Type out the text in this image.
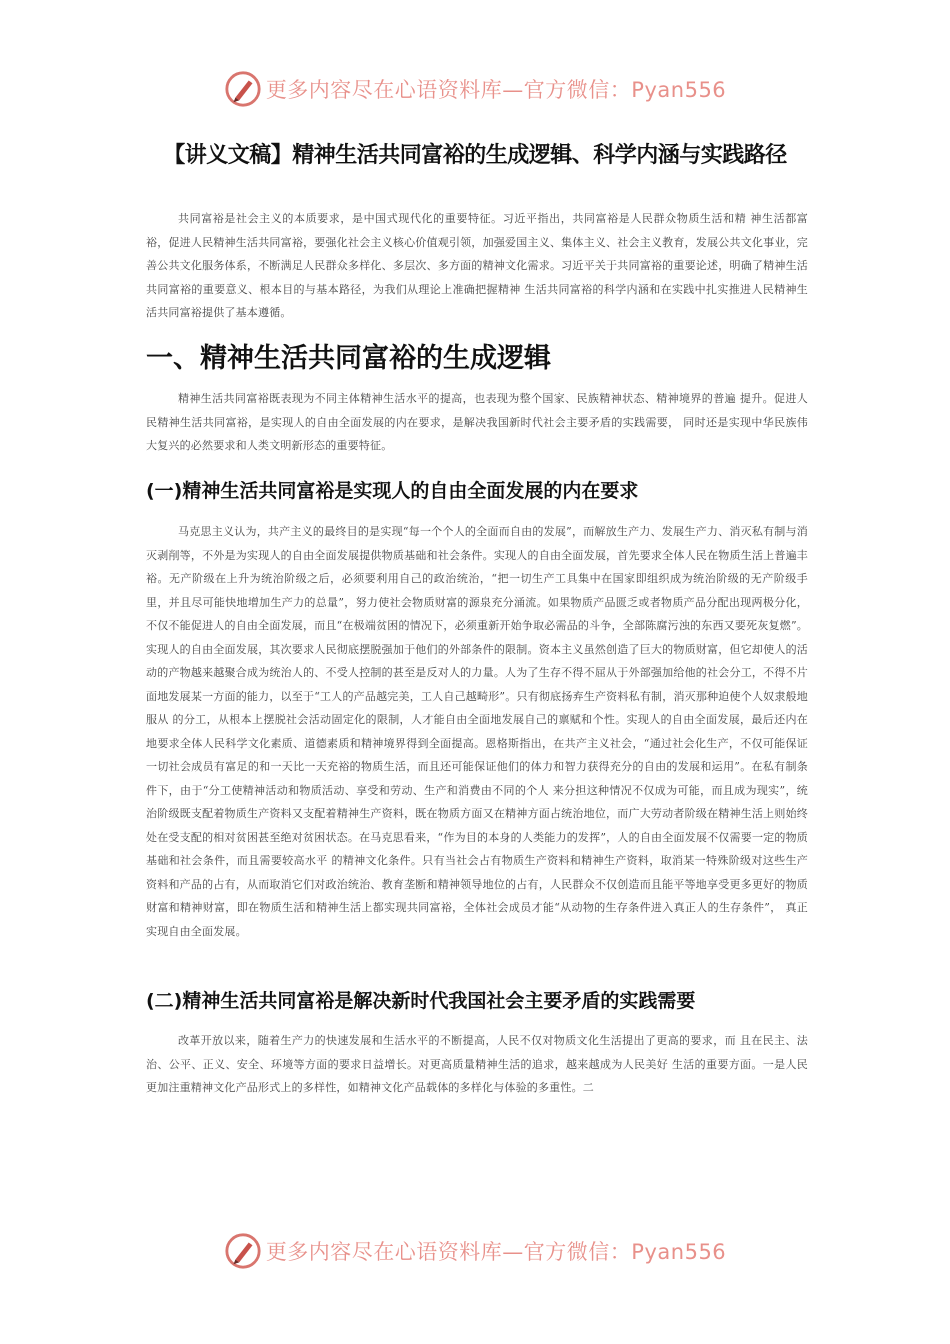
更多内容尽在心语资料库—官方微信：Pyan556
【讲义文稿】精神生活共同富裕的生成逻辑、科学内涵与实践路径
共同富裕是社会主义的本质要求，是中国式现代化的重要特征。习近平指出，共同富裕是人民群众物质生活和精 神生活都富裕，促进人民精神生活共同富裕，要强化社会主义核心价值观引领，加强爱国主义、集体主义、社会主义教育，发展公共文化事业，完善公共文化服务体系，不断满足人民群众多样化、多层次、多方面的精神文化需求。习近平关于共同富裕的重要论述，明确了精神生活共同富裕的重要意义、根本目的与基本路径，为我们从理论上准确把握精神 生活共同富裕的科学内涵和在实践中扎实推进人民精神生活共同富裕提供了基本遵循。
一、精神生活共同富裕的生成逻辑
精神生活共同富裕既表现为不同主体精神生活水平的提高，也表现为整个国家、民族精神状态、精神境界的普遍 提升。促进人民精神生活共同富裕，是实现人的自由全面发展的内在要求，是解决我国新时代社会主要矛盾的实践需要， 同时还是实现中华民族伟大复兴的必然要求和人类文明新形态的重要特征。
(一)精神生活共同富裕是实现人的自由全面发展的内在要求
马克思主义认为，共产主义的最终目的是实现“每一个个人的全面而自由的发展”，而解放生产力、发展生产力、消灭私有制与消灭剥削等，不外是为实现人的自由全面发展提供物质基础和社会条件。实现人的自由全面发展，首先要求全体人民在物质生活上普遍丰裕。无产阶级在上升为统治阶级之后，必须要利用自己的政治统治，“把一切生产工具集中在国家即组织成为统治阶级的无产阶级手里，并且尽可能快地增加生产力的总量”，努力使社会物质财富的源泉充分涌流。如果物质产品匮乏或者物质产品分配出现两极分化，不仅不能促进人的自由全面发展，而且“在极端贫困的情况下，必须重新开始争取必需品的斗争，全部陈腐污浊的东西又要死灰复燃”。实现人的自由全面发展，其次要求人民彻底摆脱强加于他们的外部条件的限制。资本主义虽然创造了巨大的物质财富，但它却使人的活动的产物越来越聚合成为统治人的、不受人控制的甚至是反对人的力量。人为了生存不得不屈从于外部强加给他的社会分工，不得不片面地发展某一方面的能力，以至于“工人的产品越完美，工人自己越畸形”。只有彻底扬弃生产资料私有制，消灭那种迫使个人奴隶般地服从 的分工，从根本上摆脱社会活动固定化的限制，人才能自由全面地发展自己的禀赋和个性。实现人的自由全面发展，最后还内在地要求全体人民科学文化素质、道德素质和精神境界得到全面提高。恩格斯指出，在共产主义社会，“通过社会化生产，不仅可能保证一切社会成员有富足的和一天比一天充裕的物质生活，而且还可能保证他们的体力和智力获得充分的自由的发展和运用”。在私有制条件下，由于“分工使精神活动和物质活动、享受和劳动、生产和消费由不同的个人 来分担这种情况不仅成为可能，而且成为现实”，统治阶级既支配着物质生产资料又支配着精神生产资料，既在物质方面又在精神方面占统治地位，而广大劳动者阶级在精神生活上则始终处在受支配的相对贫困甚至绝对贫困状态。在马克思看来，“作为目的本身的人类能力的发挥”，人的自由全面发展不仅需要一定的物质基础和社会条件，而且需要较高水平 的精神文化条件。只有当社会占有物质生产资料和精神生产资料，取消某一特殊阶级对这些生产资料和产品的占有，从而取消它们对政治统治、教育垄断和精神领导地位的占有，人民群众不仅创造而且能平等地享受更多更好的物质财富和精神财富，即在物质生活和精神生活上都实现共同富裕，全体社会成员才能“从动物的生存条件进入真正人的生存条件”， 真正实现自由全面发展。
(二)精神生活共同富裕是解决新时代我国社会主要矛盾的实践需要
改革开放以来，随着生产力的快速发展和生活水平的不断提高，人民不仅对物质文化生活提出了更高的要求，而 且在民主、法治、公平、正义、安全、环境等方面的要求日益增长。对更高质量精神生活的追求，越来越成为人民美好 生活的重要方面。一是人民更加注重精神文化产品形式上的多样性，如精神文化产品载体的多样化与体验的多重性。二
更多内容尽在心语资料库—官方微信：Pyan556
